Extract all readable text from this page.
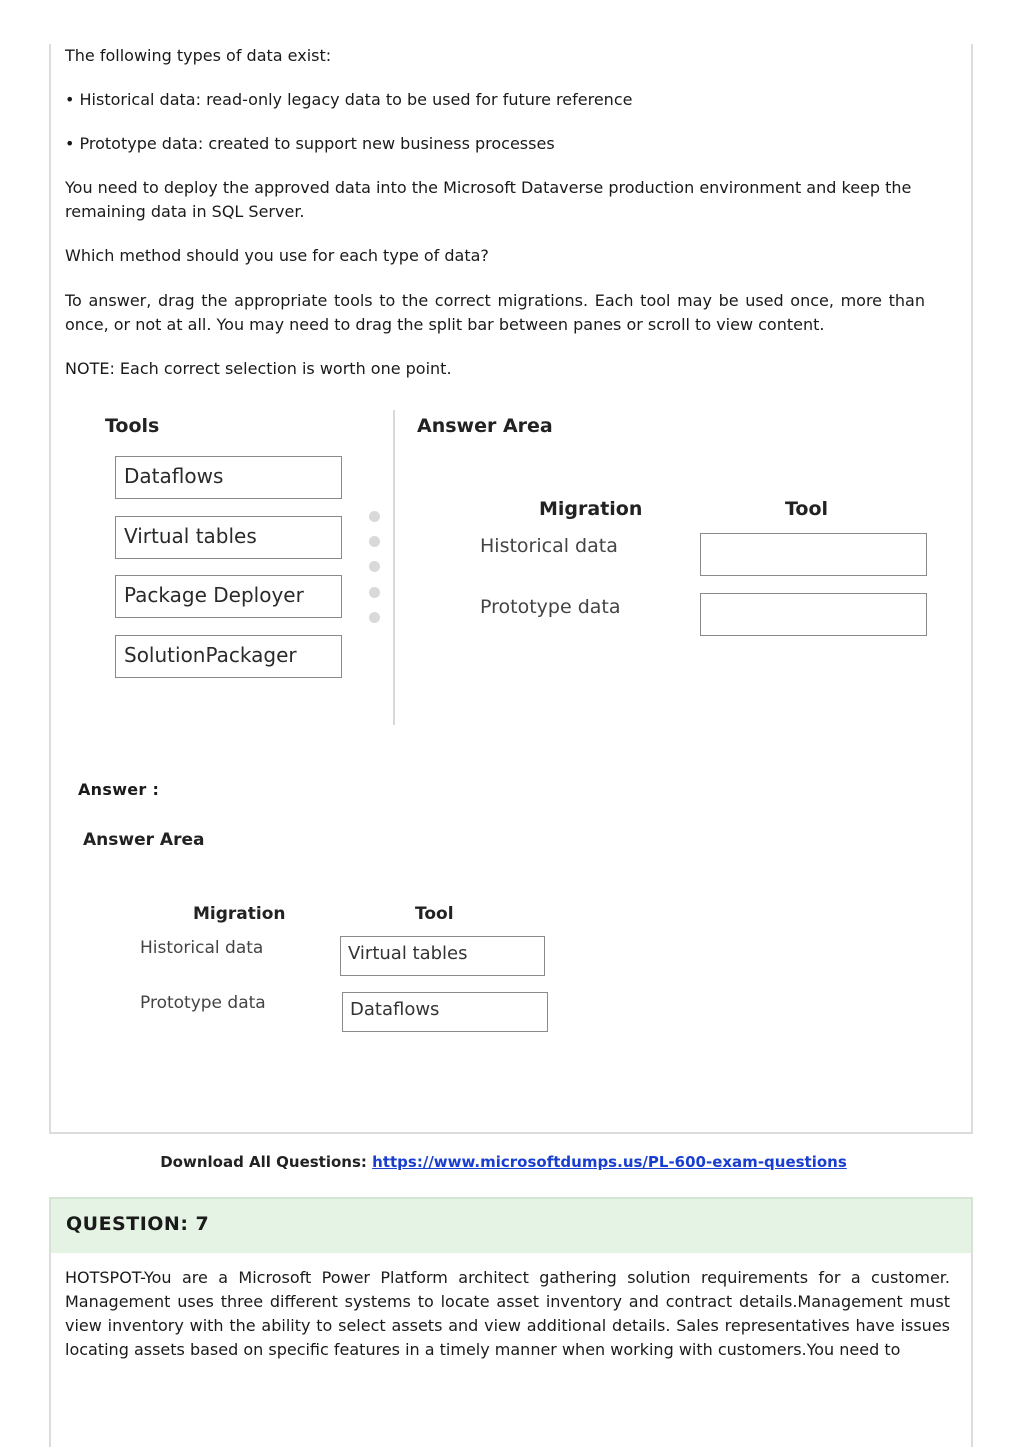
The following types of data exist:

• Historical data: read-only legacy data to be used for future reference

• Prototype data: created to support new business processes

You need to deploy the approved data into the Microsoft Dataverse production environment and keep the remaining data in SQL Server.

Which method should you use for each type of data?

To answer, drag the appropriate tools to the correct migrations. Each tool may be used once, more than once, or not at all. You may need to drag the split bar between panes or scroll to view content.

NOTE: Each correct selection is worth one point.

Tools
Dataflows
Virtual tables
Package Deployer
SolutionPackager
Answer Area
Migration	Tool
Historical data
Prototype data
Answer :
Answer Area
Migration	Tool
Historical data
Prototype data
Virtual tables
Dataflows
Download All Questions: https://www.microsoftdumps.us/PL-600-exam-questions
QUESTION: 7

HOTSPOT-You are a Microsoft Power Platform architect gathering solution requirements for a customer. Management uses three different systems to locate asset inventory and contract details.Management must view inventory with the ability to select assets and view additional details. Sales representatives have issues locating assets based on specific features in a timely manner when working with customers.You need to
